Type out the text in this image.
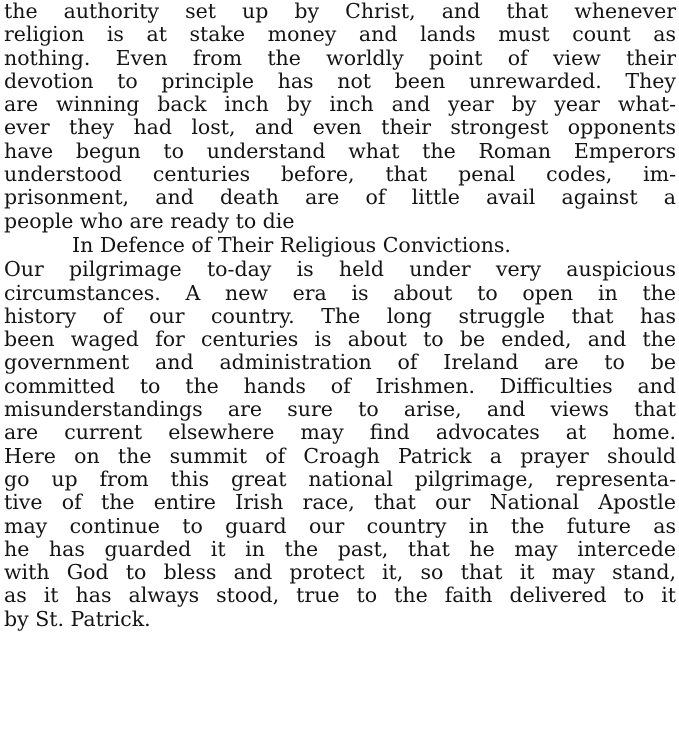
the authority set up by Christ, and that whenever
religion is at stake money and lands must count as
nothing. Even from the worldly point of view their
devotion to principle has not been unrewarded. They
are winning back inch by inch and year by year what-
ever they had lost, and even their strongest opponents
have begun to understand what the Roman Emperors
understood centuries before, that penal codes, im-
prisonment, and death are of little avail against a
people who are ready to die
In Defence of Their Religious Convictions.
Our pilgrimage to-day is held under very auspicious
circumstances. A new era is about to open in the
history of our country. The long struggle that has
been waged for centuries is about to be ended, and the
government and administration of Ireland are to be
committed to the hands of Irishmen. Difficulties and
misunderstandings are sure to arise, and views that
are current elsewhere may find advocates at home.
Here on the summit of Croagh Patrick a prayer should
go up from this great national pilgrimage, representa-
tive of the entire Irish race, that our National Apostle
may continue to guard our country in the future as
he has guarded it in the past, that he may intercede
with God to bless and protect it, so that it may stand,
as it has always stood, true to the faith delivered to it
by St. Patrick.
